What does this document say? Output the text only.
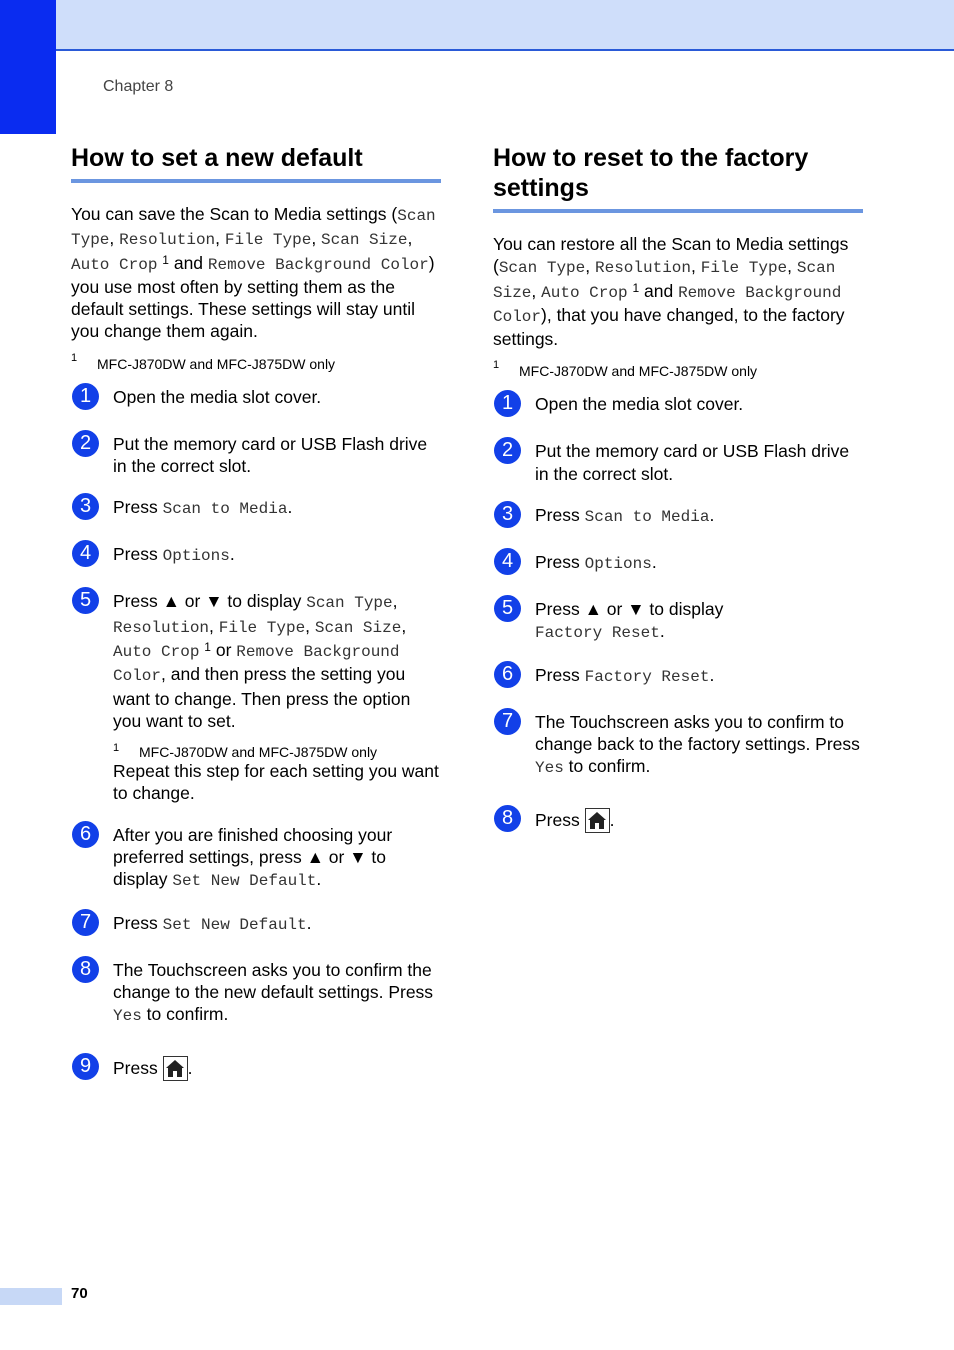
Chapter 8
How to set a new default

You can save the Scan to Media settings (Scan Type, Resolution, File Type, Scan Size, Auto Crop $^1$ and Remove Background Color) you use most often by setting them as the default settings. These settings will stay until you change them again.

1 MFC-J870DW and MFC-J875DW only
1	Open the media slot cover.
2	Put the memory card or USB Flash drive in the correct slot.
3	Press Scan to Media.
4	Press Options.
5	Press ▲ or ▼ to display Scan Type, Resolution, File Type, Scan Size, Auto Crop $^1$ or Remove Background Color, and then press the setting you want to change. Then press the option you want to set.
1 MFC-J870DW and MFC-J875DW only
Repeat this step for each setting you want to change.
6	After you are finished choosing your preferred settings, press ▲ or ▼ to display Set New Default.
7	Press Set New Default.
8	The Touchscreen asks you to confirm the change to the new default settings. Press Yes to confirm.
9	Press
.
How to reset to the factory settings

You can restore all the Scan to Media settings (Scan Type, Resolution, File Type, Scan Size, Auto Crop $^1$ and Remove Background Color), that you have changed, to the factory settings.

1 MFC-J870DW and MFC-J875DW only
1	Open the media slot cover.
2	Put the memory card or USB Flash drive in the correct slot.
3	Press Scan to Media.
4	Press Options.
5	Press ▲ or ▼ to display
Factory Reset.
6	Press Factory Reset.
7	The Touchscreen asks you to confirm to change back to the factory settings. Press Yes to confirm.
8	Press
.
70
